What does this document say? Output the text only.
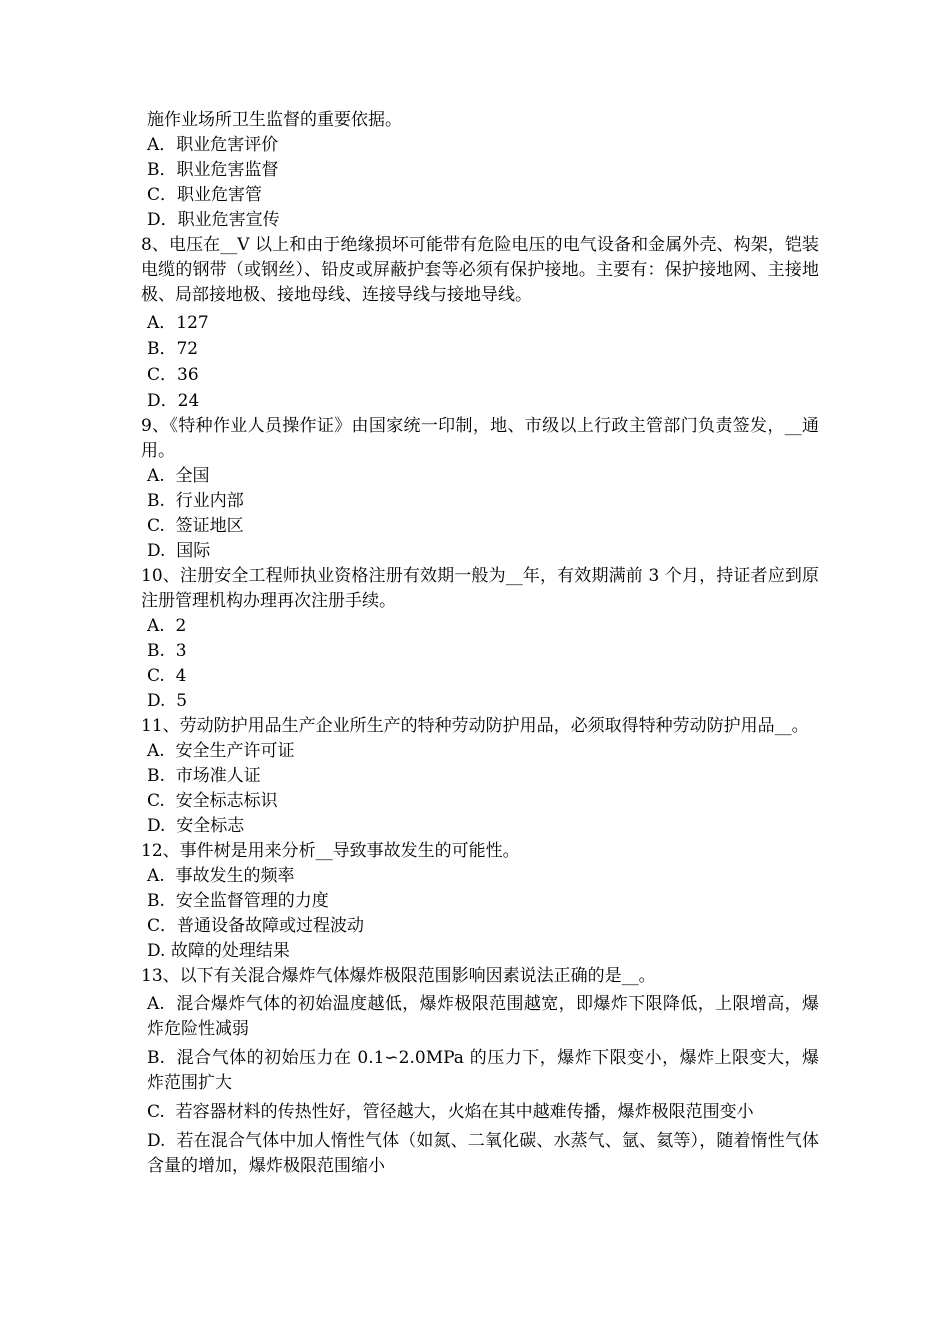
施作业场所卫生监督的重要依据。
A．职业危害评价
B．职业危害监督
C．职业危害管
D．职业危害宣传
8、电压在__V 以上和由于绝缘损坏可能带有危险电压的电气设备和金属外壳、构架，铠装电缆的钢带（或钢丝）、铅皮或屏蔽护套等必须有保护接地。主要有：保护接地网、主接地极、局部接地极、接地母线、连接导线与接地导线。
A．127
B．72
C．36
D．24
9、《特种作业人员操作证》由国家统一印制，地、市级以上行政主管部门负责签发，__通用。
A.  全国
B.  行业内部
C.  签证地区
D.  国际
10、注册安全工程师执业资格注册有效期一般为__年，有效期满前 3 个月，持证者应到原注册管理机构办理再次注册手续。
A.  2
B.  3
C.  4
D.  5
11、劳动防护用品生产企业所生产的特种劳动防护用品，必须取得特种劳动防护用品__。
A.  安全生产许可证
B.  市场准人证
C.  安全标志标识
D.  安全标志
12、事件树是用来分析__导致事故发生的可能性。
A.  事故发生的频率
B.  安全监督管理的力度
C．普通设备故障或过程波动
D. 故障的处理结果
13、以下有关混合爆炸气体爆炸极限范围影响因素说法正确的是__。
A.  混合爆炸气体的初始温度越低，爆炸极限范围越宽，即爆炸下限降低，上限增高，爆炸危险性减弱
B.  混合气体的初始压力在 0.1∽2.0MPa 的压力下，爆炸下限变小，爆炸上限变大，爆炸范围扩大
C.  若容器材料的传热性好，管径越大，火焰在其中越难传播，爆炸极限范围变小
D.  若在混合气体中加人惰性气体（如氮、二氧化碳、水蒸气、氩、氦等），随着惰性气体含量的增加，爆炸极限范围缩小
